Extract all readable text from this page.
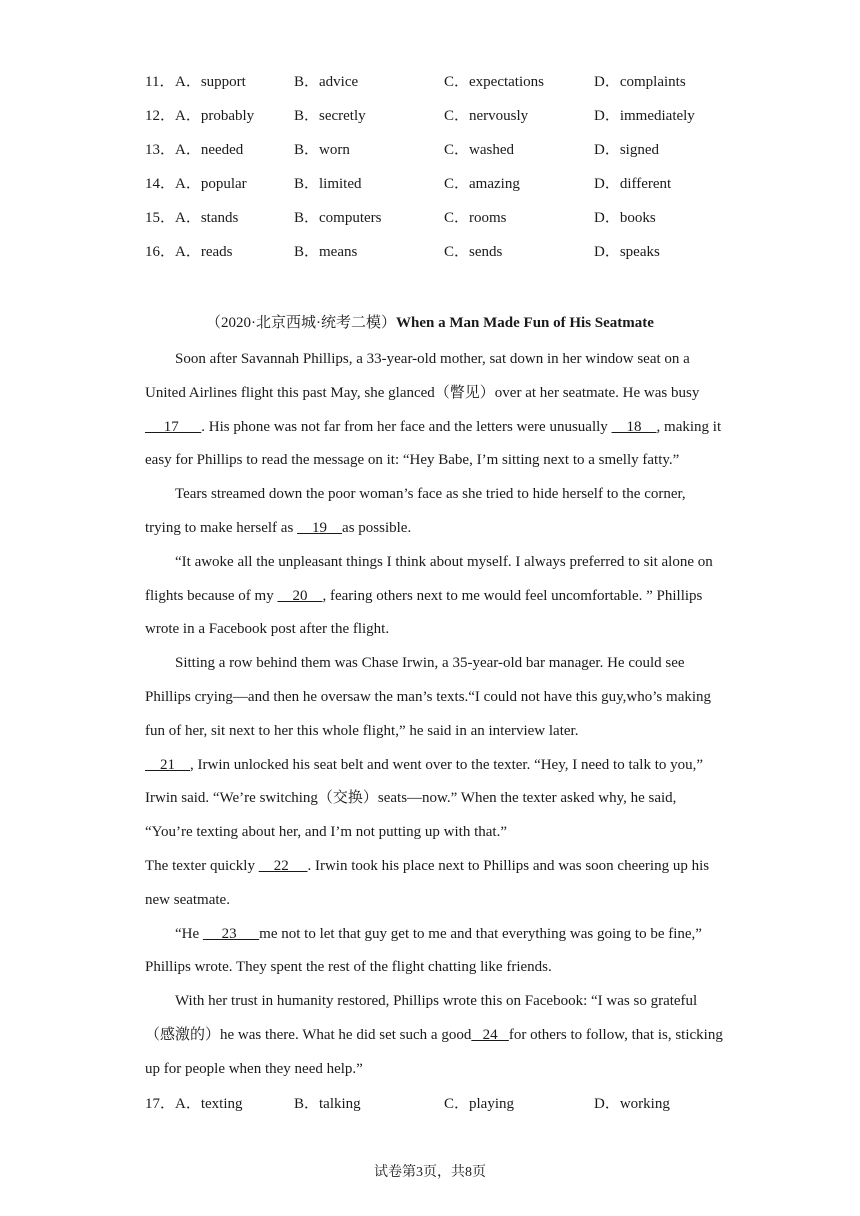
11． A．support	B．advice	C．expectations	D．complaints
12． A．probably	B．secretly	C．nervously	D．immediately
13． A．needed	B．worn	C．washed	D．signed
14． A．popular	B．limited	C．amazing	D．different
15． A．stands	B．computers	C．rooms	D．books
16． A．reads	B．means	C．sends	D．speaks
（2020·北京西城·统考二模）When a Man Made Fun of His Seatmate

Soon after Savannah Phillips, a 33-year-old mother, sat down in her window seat on a United Airlines flight this past May, she glanced（瞥见）over at her seatmate. He was busy      17      . His phone was not far from her face and the letters were unusually     18    , making it easy for Phillips to read the message on it: “Hey Babe, I’m sitting next to a smelly fatty.”

Tears streamed down the poor woman’s face as she tried to hide herself to the corner, trying to make herself as     19    as possible.

“It awoke all the unpleasant things I think about myself. I always preferred to sit alone on flights because of my     20    , fearing others next to me would feel uncomfortable. ” Phillips wrote in a Facebook post after the flight.

Sitting a row behind them was Chase Irwin, a 35-year-old bar manager. He could see Phillips crying—and then he oversaw the man’s texts.“I could not have this guy,who’s making fun of her, sit next to her this whole flight,” he said in an interview later.

21    , Irwin unlocked his seat belt and went over to the texter. “Hey, I need to talk to you,” Irwin said. “We’re switching（交换）seats—now.” When the texter asked why, he said, “You’re texting about her, and I’m not putting up with that.”

The texter quickly     22     . Irwin took his place next to Phillips and was soon cheering up his new seatmate.

“He      23      me not to let that guy get to me and that everything was going to be fine,” Phillips wrote. They spent the rest of the flight chatting like friends.

With her trust in humanity restored, Phillips wrote this on Facebook: “I was so grateful（感激的）he was there. What he did set such a good   24   for others to follow, that is, sticking up for people when they need help.”

17． A．texting	B．talking	C．playing	D．working
试卷第3页，共8页
